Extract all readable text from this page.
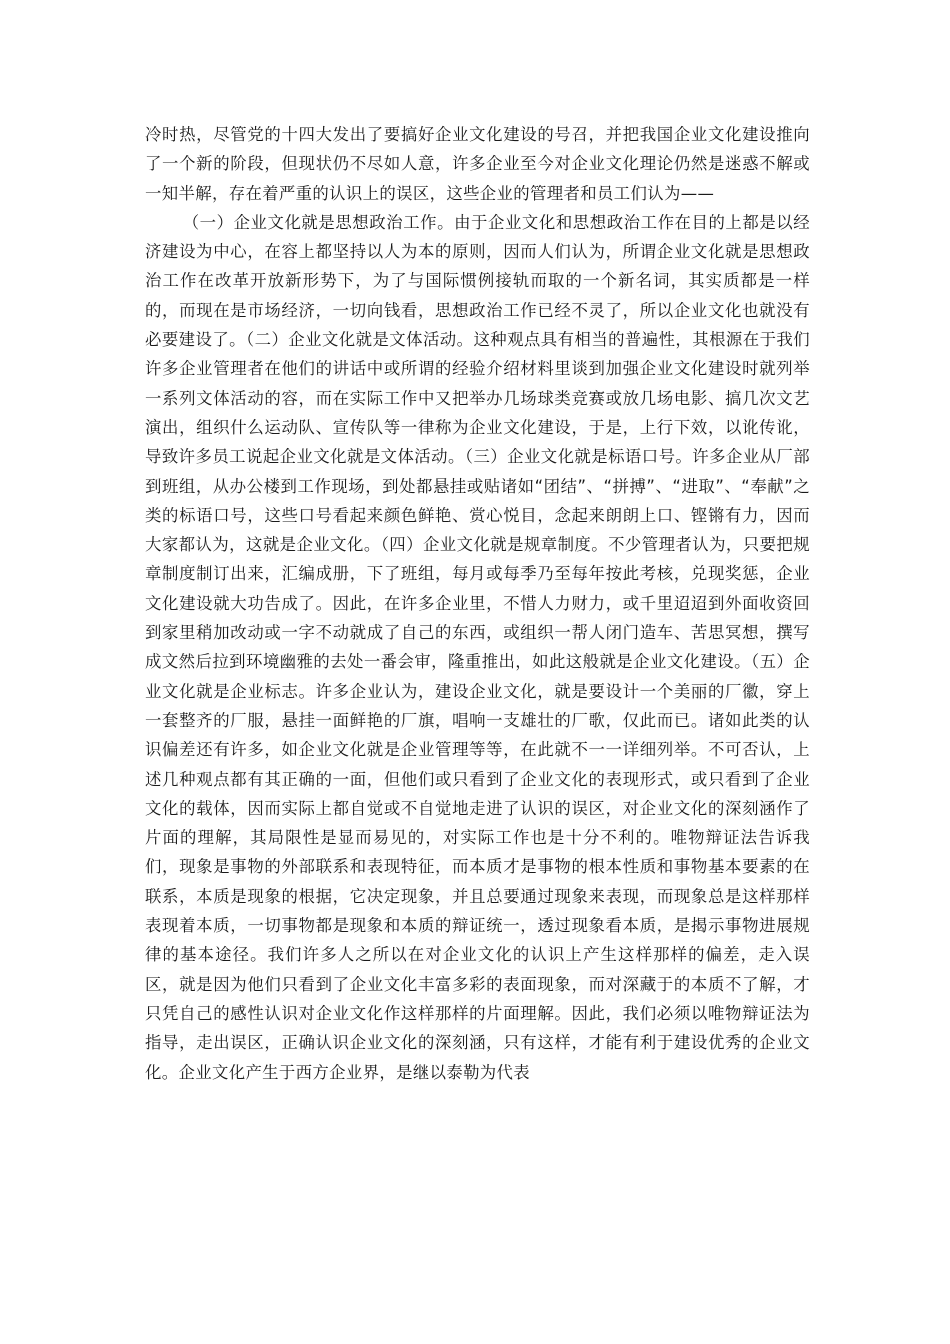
冷时热，尽管党的十四大发出了要搞好企业文化建设的号召，并把我国企业文化建设推向了一个新的阶段，但现状仍不尽如人意，许多企业至今对企业文化理论仍然是迷惑不解或一知半解，存在着严重的认识上的误区，这些企业的管理者和员工们认为——

（一）企业文化就是思想政治工作。由于企业文化和思想政治工作在目的上都是以经济建设为中心，在容上都坚持以人为本的原则，因而人们认为，所谓企业文化就是思想政治工作在改革开放新形势下，为了与国际惯例接轨而取的一个新名词，其实质都是一样的，而现在是市场经济，一切向钱看，思想政治工作已经不灵了，所以企业文化也就没有必要建设了。（二）企业文化就是文体活动。这种观点具有相当的普遍性，其根源在于我们许多企业管理者在他们的讲话中或所谓的经验介绍材料里谈到加强企业文化建设时就列举一系列文体活动的容，而在实际工作中又把举办几场球类竞赛或放几场电影、搞几次文艺演出，组织什么运动队、宣传队等一律称为企业文化建设，于是，上行下效，以讹传讹，导致许多员工说起企业文化就是文体活动。（三）企业文化就是标语口号。许多企业从厂部到班组，从办公楼到工作现场，到处都悬挂或贴诸如“团结”、“拼搏”、“进取”、“奉献”之类的标语口号，这些口号看起来颜色鲜艳、赏心悦目，念起来朗朗上口、铿锵有力，因而大家都认为，这就是企业文化。（四）企业文化就是规章制度。不少管理者认为，只要把规章制度制订出来，汇编成册，下了班组，每月或每季乃至每年按此考核，兑现奖惩，企业文化建设就大功告成了。因此，在许多企业里，不惜人力财力，或千里迢迢到外面收资回到家里稍加改动或一字不动就成了自己的东西，或组织一帮人闭门造车、苦思冥想，撰写成文然后拉到环境幽雅的去处一番会审，隆重推出，如此这般就是企业文化建设。（五）企业文化就是企业标志。许多企业认为，建设企业文化，就是要设计一个美丽的厂徽，穿上一套整齐的厂服，悬挂一面鲜艳的厂旗，唱响一支雄壮的厂歌，仅此而已。诸如此类的认识偏差还有许多，如企业文化就是企业管理等等，在此就不一一详细列举。不可否认，上述几种观点都有其正确的一面，但他们或只看到了企业文化的表现形式，或只看到了企业文化的载体，因而实际上都自觉或不自觉地走进了认识的误区，对企业文化的深刻涵作了片面的理解，其局限性是显而易见的，对实际工作也是十分不利的。唯物辩证法告诉我们，现象是事物的外部联系和表现特征，而本质才是事物的根本性质和事物基本要素的在联系，本质是现象的根据，它决定现象，并且总要通过现象来表现，而现象总是这样那样表现着本质，一切事物都是现象和本质的辩证统一，透过现象看本质，是揭示事物进展规律的基本途径。我们许多人之所以在对企业文化的认识上产生这样那样的偏差，走入误区，就是因为他们只看到了企业文化丰富多彩的表面现象，而对深藏于的本质不了解，才只凭自己的感性认识对企业文化作这样那样的片面理解。因此，我们必须以唯物辩证法为指导，走出误区，正确认识企业文化的深刻涵，只有这样，才能有利于建设优秀的企业文化。企业文化产生于西方企业界，是继以泰勒为代表
